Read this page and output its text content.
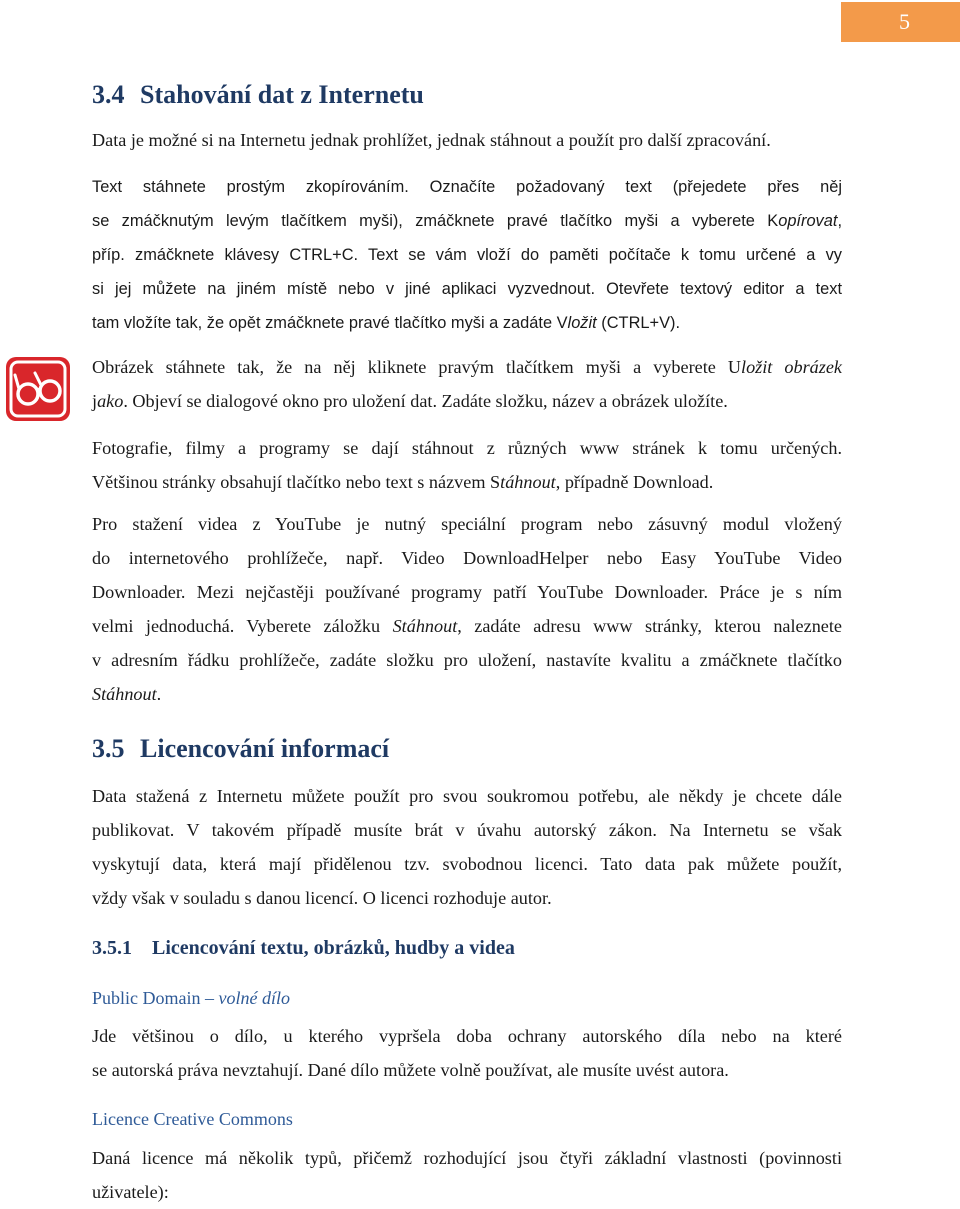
5
3.4 Stahování dat z Internetu
Data je možné si na Internetu jednak prohlížet, jednak stáhnout a použít pro další zpracování.
Text stáhnete prostým zkopírováním. Označíte požadovaný text (přejedete přes něj
se zmáčknutým levým tlačítkem myši), zmáčknete pravé tlačítko myši a vyberete Kopírovat,
příp. zmáčknete klávesy CTRL+C. Text se vám vloží do paměti počítače k tomu určené a vy
si jej můžete na jiném místě nebo v jiné aplikaci vyzvednout. Otevřete textový editor a text
tam vložíte tak, že opět zmáčknete pravé tlačítko myši a zadáte Vložit (CTRL+V).
Obrázek stáhnete tak, že na něj kliknete pravým tlačítkem myši a vyberete Uložit obrázek
jako. Objeví se dialogové okno pro uložení dat. Zadáte složku, název a obrázek uložíte.
Fotografie, filmy a programy se dají stáhnout z různých www stránek k tomu určených.
Většinou stránky obsahují tlačítko nebo text s názvem Stáhnout, případně Download.
Pro stažení videa z YouTube je nutný speciální program nebo zásuvný modul vložený
do internetového prohlížeče, např. Video DownloadHelper nebo Easy YouTube Video
Downloader. Mezi nejčastěji používané programy patří YouTube Downloader. Práce je s ním
velmi jednoduchá. Vyberete záložku Stáhnout, zadáte adresu www stránky, kterou naleznete
v adresním řádku prohlížeče, zadáte složku pro uložení, nastavíte kvalitu a zmáčknete tlačítko
Stáhnout.
3.5 Licencování informací
Data stažená z Internetu můžete použít pro svou soukromou potřebu, ale někdy je chcete dále
publikovat. V takovém případě musíte brát v úvahu autorský zákon. Na Internetu se však
vyskytují data, která mají přidělenou tzv. svobodnou licenci. Tato data pak můžete použít,
vždy však v souladu s danou licencí. O licenci rozhoduje autor.
3.5.1 Licencování textu, obrázků, hudby a videa
Public Domain – volné dílo
Jde většinou o dílo, u kterého vypršela doba ochrany autorského díla nebo na které
se autorská práva nevztahují. Dané dílo můžete volně používat, ale musíte uvést autora.
Licence Creative Commons
Daná licence má několik typů, přičemž rozhodující jsou čtyři základní vlastnosti (povinnosti
uživatele):
